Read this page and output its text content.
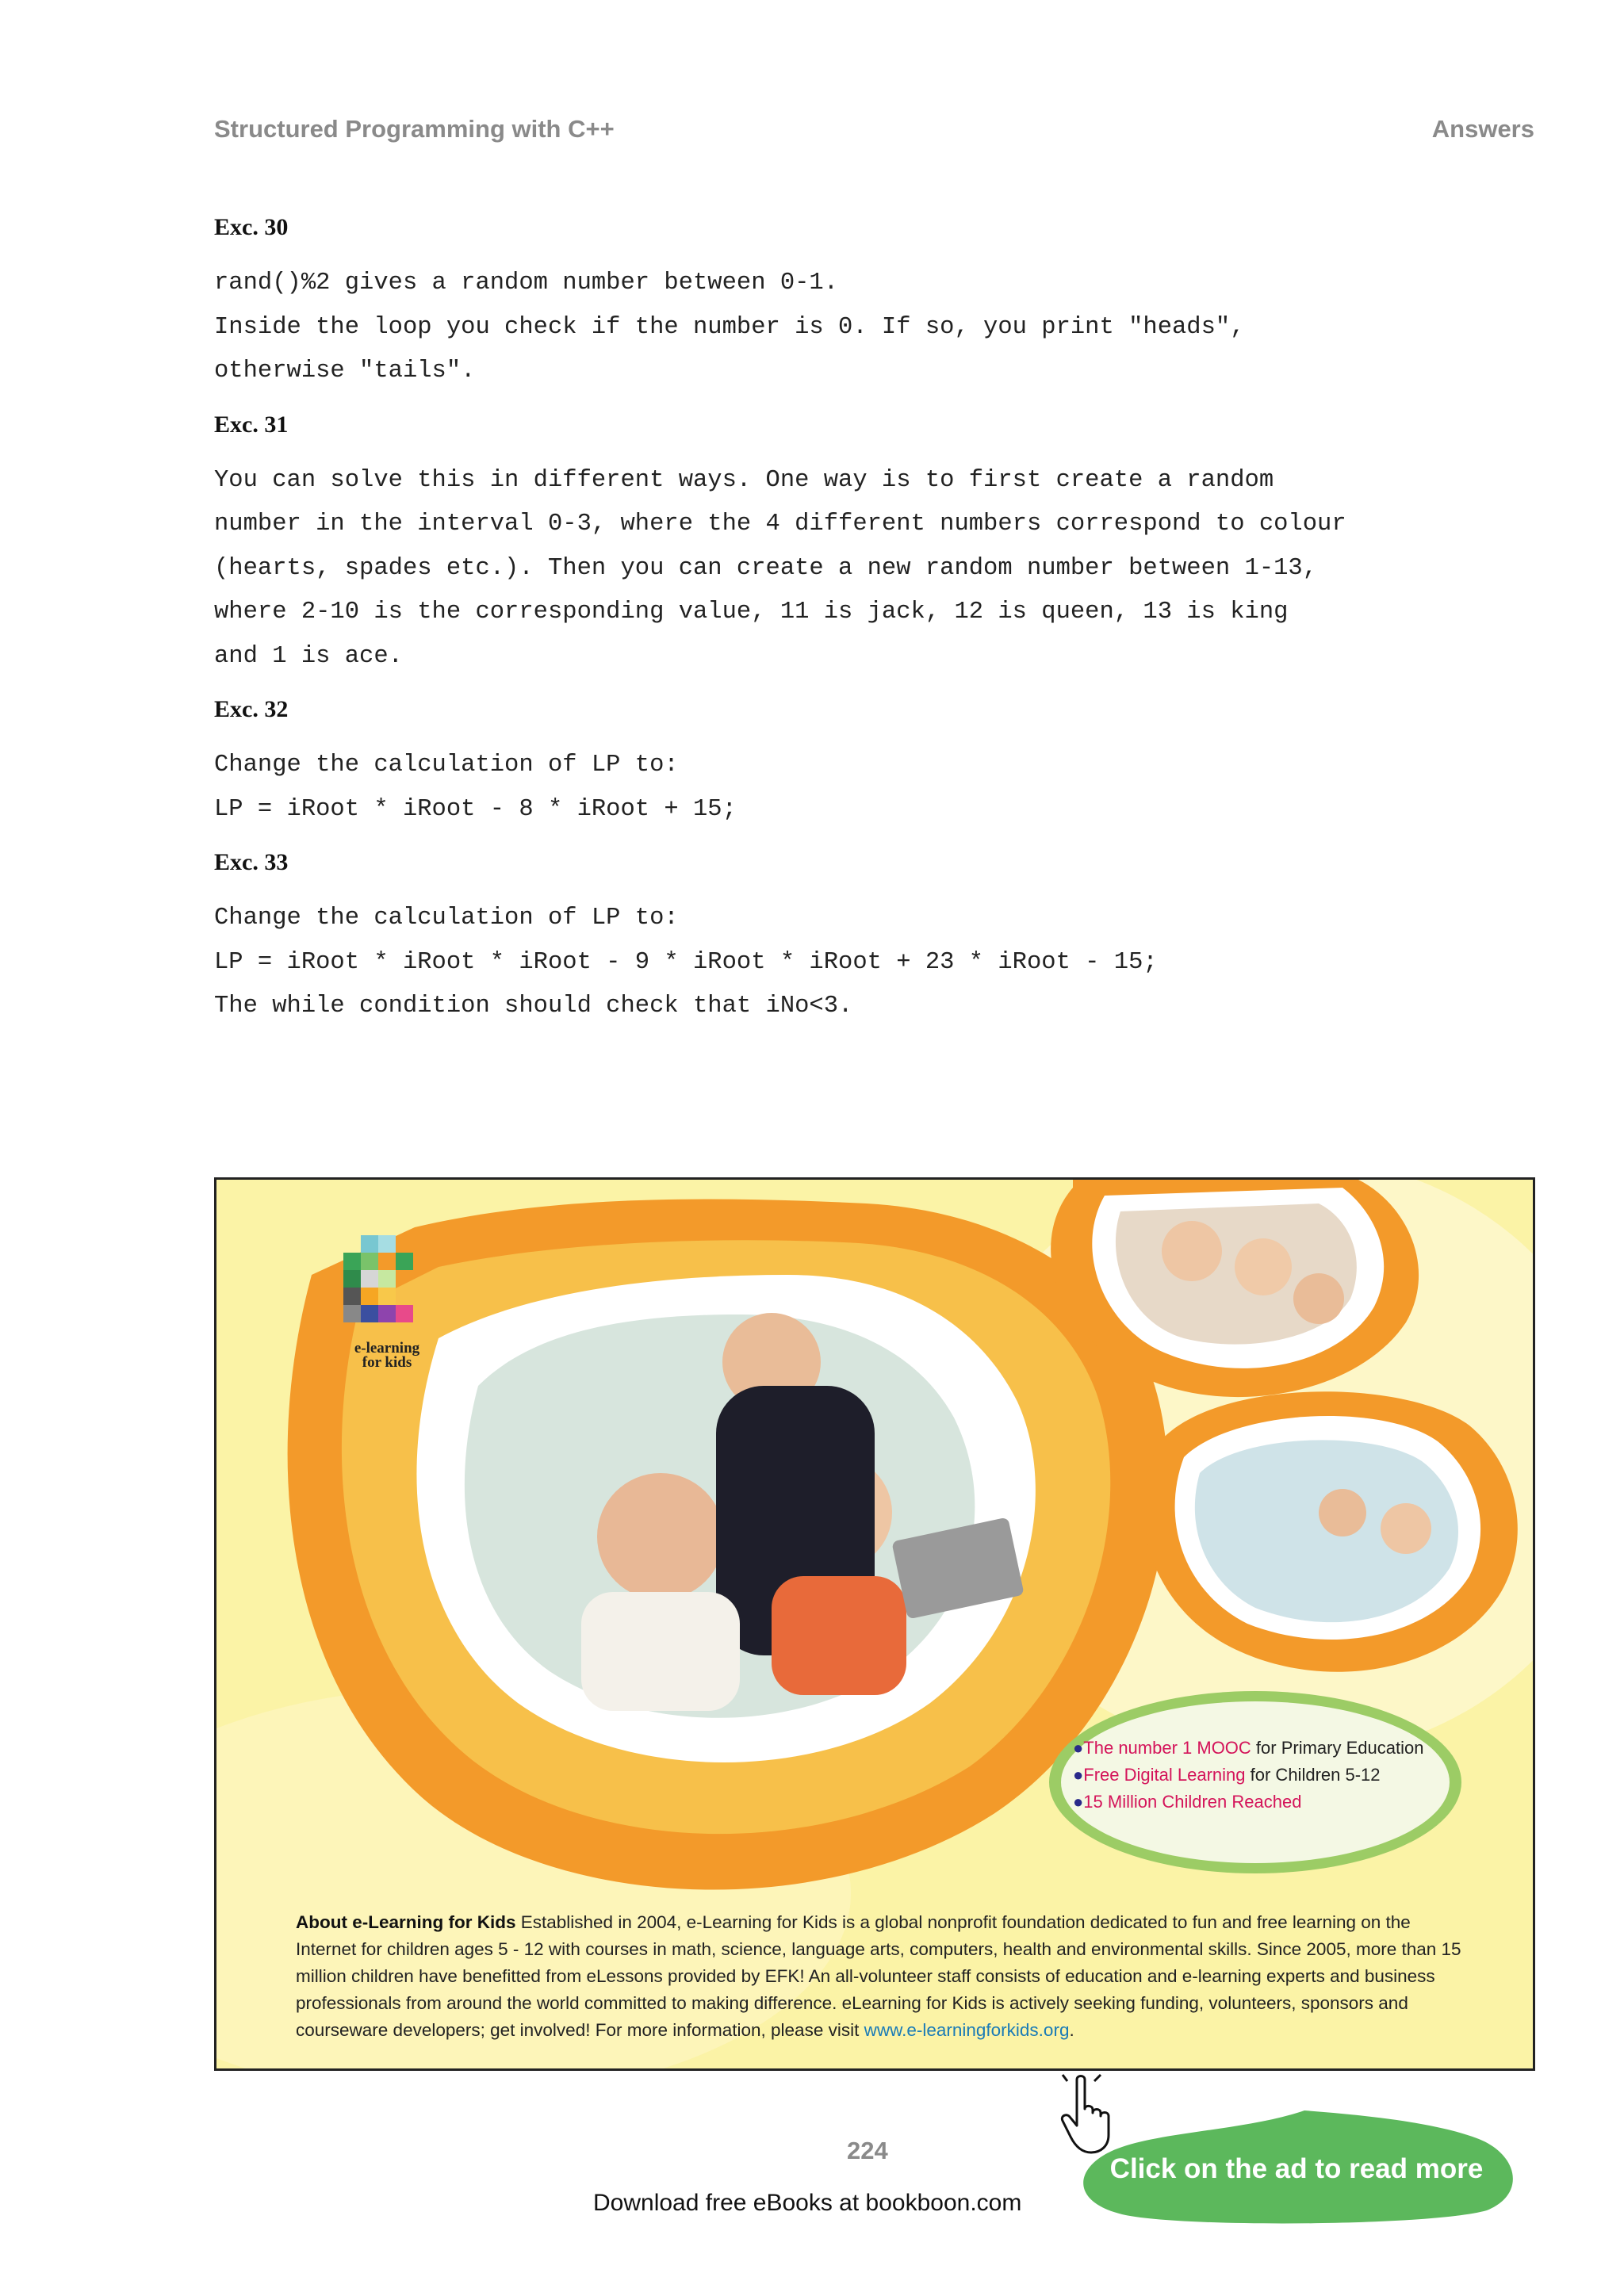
Structured Programming with C++	Answers
Exc. 30
rand()%2 gives a random number between 0-1.
Inside the loop you check if the number is 0. If so, you print "heads",
otherwise "tails".
Exc. 31
You can solve this in different ways. One way is to first create a random
number in the interval 0-3, where the 4 different numbers correspond to colour
(hearts, spades etc.). Then you can create a new random number between 1-13,
where 2-10 is the corresponding value, 11 is jack, 12 is queen, 13 is king
and 1 is ace.
Exc. 32
Change the calculation of LP to:
LP = iRoot * iRoot - 8 * iRoot + 15;
Exc. 33
Change the calculation of LP to:
LP = iRoot * iRoot * iRoot - 9 * iRoot * iRoot + 23 * iRoot - 15;
The while condition should check that iNo<3.
e-learning
for kids
●The number 1 MOOC for Primary Education
●Free Digital Learning for Children 5-12
●15 Million Children Reached
About e-Learning for Kids Established in 2004, e-Learning for Kids is a global nonprofit foundation dedicated to fun and free learning on the Internet for children ages 5 - 12 with courses in math, science, language arts, computers, health and environmental skills. Since 2005, more than 15 million children have benefitted from eLessons provided by EFK! An all-volunteer staff consists of education and e-learning experts and business professionals from around the world committed to making difference. eLearning for Kids is actively seeking funding, volunteers, sponsors and courseware developers; get involved! For more information, please visit www.e-learningforkids.org.
224
Click on the ad to read more
Download free eBooks at bookboon.com
